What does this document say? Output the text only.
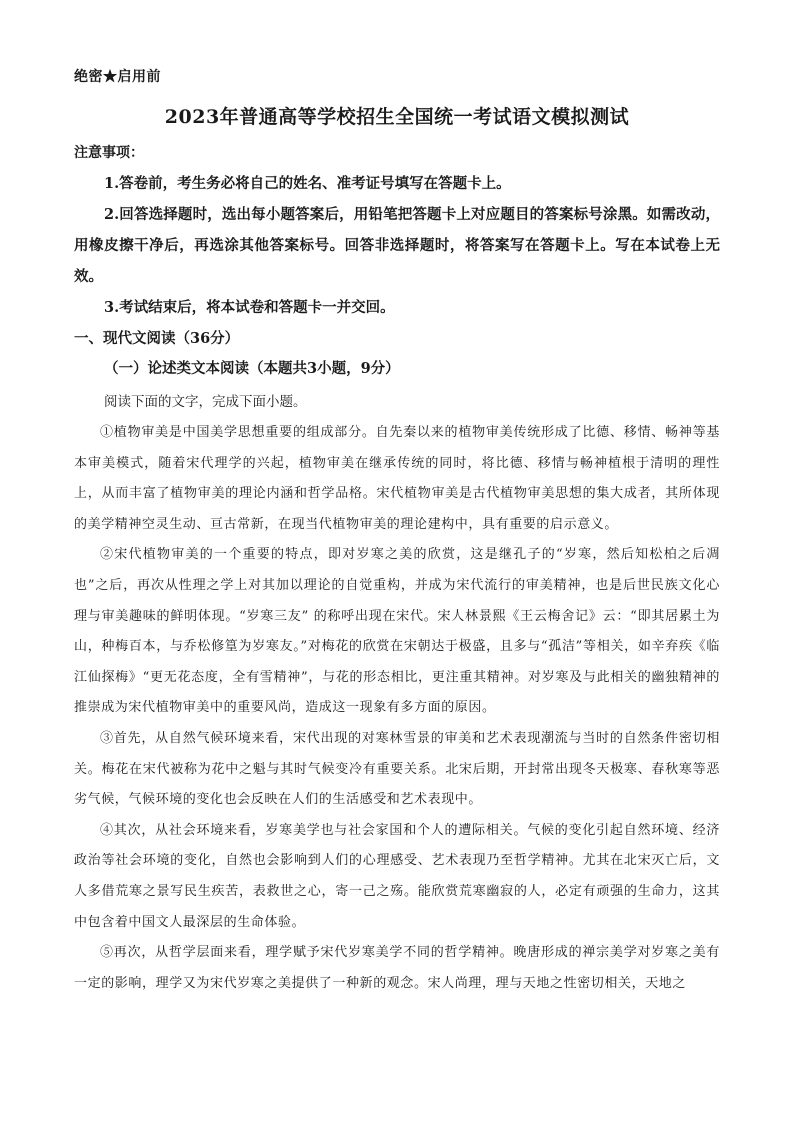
绝密★启用前
2023年普通高等学校招生全国统一考试语文模拟测试
注意事项：

1.答卷前，考生务必将自己的姓名、准考证号填写在答题卡上。

2.回答选择题时，选出每小题答案后，用铅笔把答题卡上对应题目的答案标号涂黑。如需改动，用橡皮擦干净后，再选涂其他答案标号。回答非选择题时，将答案写在答题卡上。写在本试卷上无效。

3.考试结束后，将本试卷和答题卡一并交回。

一、现代文阅读（36分）
（一）论述类文本阅读（本题共3小题，9分）
阅读下面的文字，完成下面小题。

①植物审美是中国美学思想重要的组成部分。自先秦以来的植物审美传统形成了比德、移情、畅神等基本审美模式，随着宋代理学的兴起，植物审美在继承传统的同时，将比德、移情与畅神植根于清明的理性上，从而丰富了植物审美的理论内涵和哲学品格。宋代植物审美是古代植物审美思想的集大成者，其所体现的美学精神空灵生动、亘古常新，在现当代植物审美的理论建构中，具有重要的启示意义。

②宋代植物审美的一个重要的特点，即对岁寒之美的欣赏，这是继孔子的“岁寒，然后知松柏之后凋也”之后，再次从性理之学上对其加以理论的自觉重构，并成为宋代流行的审美精神，也是后世民族文化心理与审美趣味的鲜明体现。“岁寒三友” 的称呼出现在宋代。宋人林景熙《王云梅舍记》云：“即其居累土为山，种梅百本，与乔松修篁为岁寒友。”对梅花的欣赏在宋朝达于极盛，且多与“孤洁”等相关，如辛弃疾《临江仙探梅》“更无花态度，全有雪精神”，与花的形态相比，更注重其精神。对岁寒及与此相关的幽独精神的推崇成为宋代植物审美中的重要风尚，造成这一现象有多方面的原因。

③首先，从自然气候环境来看，宋代出现的对寒林雪景的审美和艺术表现潮流与当时的自然条件密切相关。梅花在宋代被称为花中之魁与其时气候变冷有重要关系。北宋后期，开封常出现冬天极寒、春秋寒等恶劣气候，气候环境的变化也会反映在人们的生活感受和艺术表现中。

④其次，从社会环境来看，岁寒美学也与社会家国和个人的遭际相关。气候的变化引起自然环境、经济政治等社会环境的变化，自然也会影响到人们的心理感受、艺术表现乃至哲学精神。尤其在北宋灭亡后，文人多借荒寒之景写民生疾苦，表救世之心，寄一己之殇。能欣赏荒寒幽寂的人，必定有顽强的生命力，这其中包含着中国文人最深层的生命体验。

⑤再次，从哲学层面来看，理学赋予宋代岁寒美学不同的哲学精神。晚唐形成的禅宗美学对岁寒之美有一定的影响，理学又为宋代岁寒之美提供了一种新的观念。宋人尚理，理与天地之性密切相关，天地之
